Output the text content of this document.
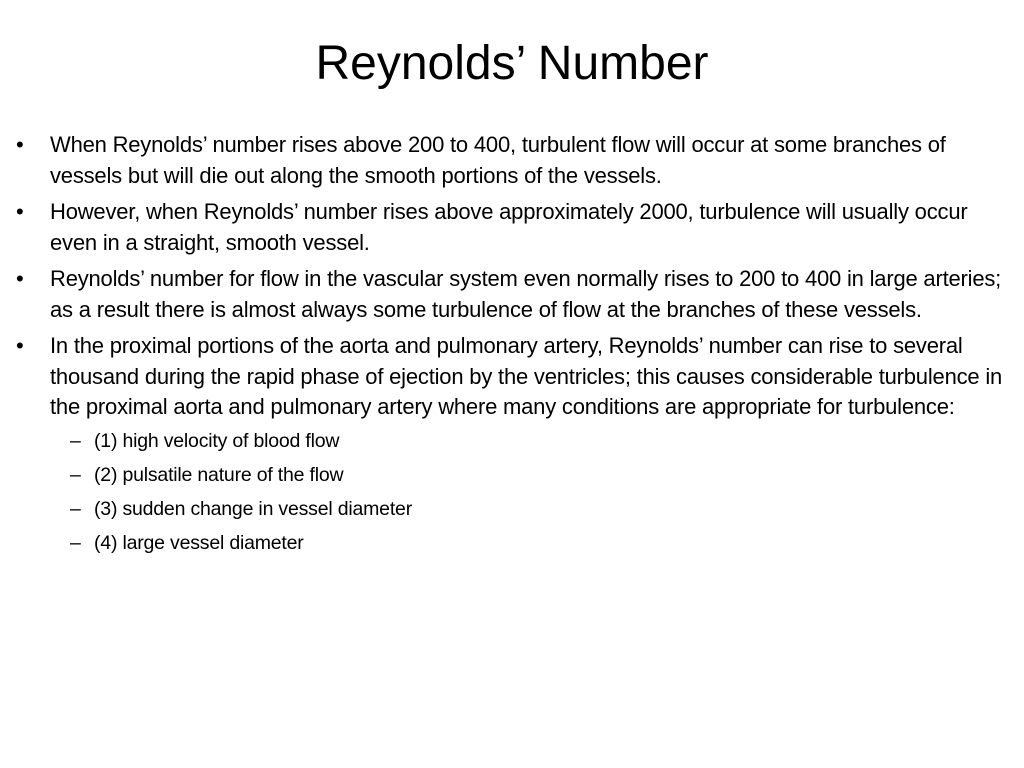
Reynolds’ Number
• When Reynolds’ number rises above 200 to 400, turbulent flow will occur at some branches of vessels but will die out along the smooth portions of the vessels.
• However, when Reynolds’ number rises above approximately 2000, turbulence will usually occur even in a straight, smooth vessel.
• Reynolds’ number for flow in the vascular system even normally rises to 200 to 400 in large arteries; as a result there is almost always some turbulence of flow at the branches of these vessels.
• In the proximal portions of the aorta and pulmonary artery, Reynolds’ number can rise to several thousand during the rapid phase of ejection by the ventricles; this causes considerable turbulence in the proximal aorta and pulmonary artery where many conditions are appropriate for turbulence:
– (1) high velocity of blood flow
– (2) pulsatile nature of the flow
– (3) sudden change in vessel diameter
– (4) large vessel diameter
